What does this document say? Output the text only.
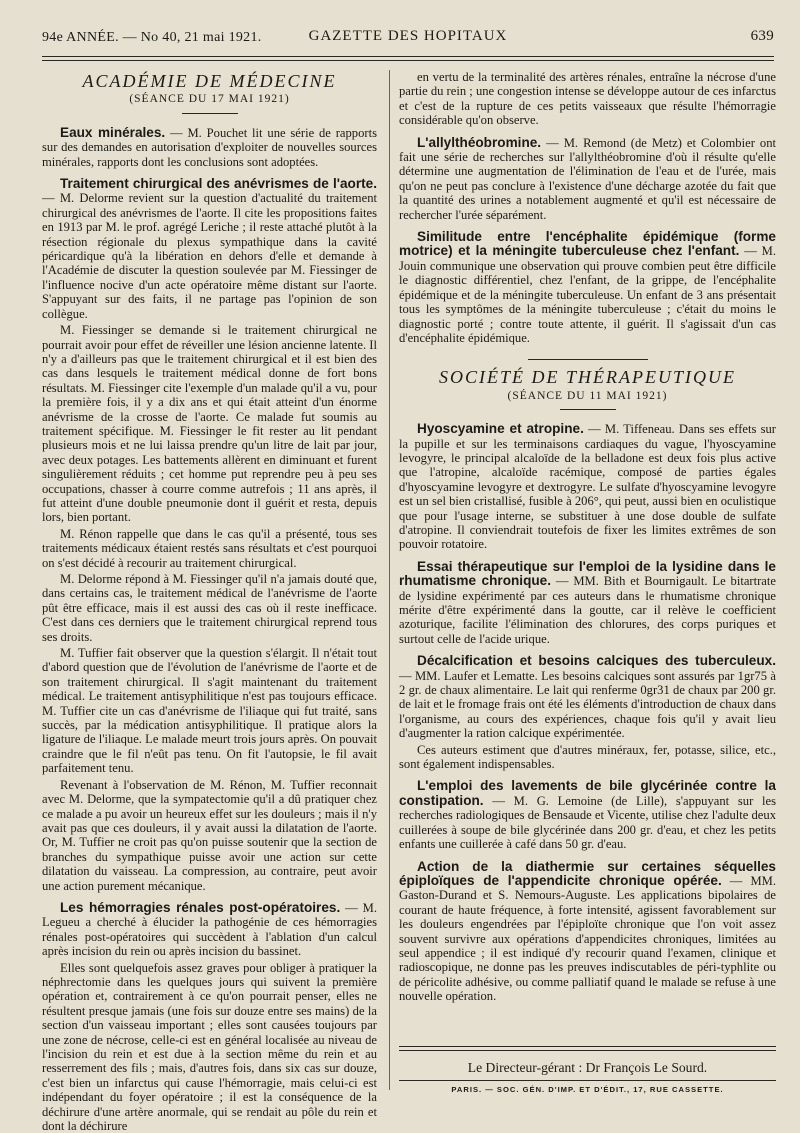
94e ANNÉE. — No 40, 21 mai 1921.	GAZETTE DES HOPITAUX	639
ACADÉMIE DE MÉDECINE
(SÉANCE DU 17 MAI 1921)

Eaux minérales. — M. Pouchet lit une série de rapports sur des demandes en autorisation d'exploiter de nouvelles sources minérales, rapports dont les conclusions sont adoptées.

Traitement chirurgical des anévrismes de l'aorte. — M. Delorme revient sur la question d'actualité du traitement chirurgical des anévrismes de l'aorte. Il cite les propositions faites en 1913 par M. le prof. agrégé Leriche ; il reste attaché plutôt à la résection régionale du plexus sympathique dans la cavité péricardique qu'à la libération en dehors d'elle et demande à l'Académie de discuter la question soulevée par M. Fiessinger de l'influence nocive d'un acte opératoire même distant sur l'aorte. S'appuyant sur des faits, il ne partage pas l'opinion de son collègue.

M. Fiessinger se demande si le traitement chirurgical ne pourrait avoir pour effet de réveiller une lésion ancienne latente. Il n'y a d'ailleurs pas que le traitement chirurgical et il est bien des cas dans lesquels le traitement médical donne de fort bons résultats. M. Fiessinger cite l'exemple d'un malade qu'il a vu, pour la première fois, il y a dix ans et qui était atteint d'un énorme anévrisme de la crosse de l'aorte. Ce malade fut soumis au traitement spécifique. M. Fiessinger le fit rester au lit pendant plusieurs mois et ne lui laissa prendre qu'un litre de lait par jour, avec deux potages. Les battements allèrent en diminuant et furent singulièrement réduits ; cet homme put reprendre peu à peu ses occupations, chasser à courre comme autrefois ; 11 ans après, il fut atteint d'une double pneumonie dont il guérit et resta, depuis lors, bien portant.

M. Rénon rappelle que dans le cas qu'il a présenté, tous ses traitements médicaux étaient restés sans résultats et c'est pourquoi on s'est décidé à recourir au traitement chirurgical.

M. Delorme répond à M. Fiessinger qu'il n'a jamais douté que, dans certains cas, le traitement médical de l'anévrisme de l'aorte pût être efficace, mais il est aussi des cas où il reste inefficace. C'est dans ces derniers que le traitement chirurgical reprend tous ses droits.

M. Tuffier fait observer que la question s'élargit. Il n'était tout d'abord question que de l'évolution de l'anévrisme de l'aorte et de son traitement chirurgical. Il s'agit maintenant du traitement médical. Le traitement antisyphilitique n'est pas toujours efficace. M. Tuffier cite un cas d'anévrisme de l'iliaque qui fut traité, sans succès, par la médication antisyphilitique. Il pratique alors la ligature de l'iliaque. Le malade meurt trois jours après. On pouvait craindre que le fil n'eût pas tenu. On fit l'autopsie, le fil avait parfaitement tenu.

Revenant à l'observation de M. Rénon, M. Tuffier reconnait avec M. Delorme, que la sympatectomie qu'il a dû pratiquer chez ce malade a pu avoir un heureux effet sur les douleurs ; mais il n'y avait pas que ces douleurs, il y avait aussi la dilatation de l'aorte. Or, M. Tuffier ne croit pas qu'on puisse soutenir que la section de branches du sympathique puisse avoir une action sur cette dilatation du vaisseau. La compression, au contraire, peut avoir une action purement mécanique.

Les hémorragies rénales post-opératoires. — M. Legueu a cherché à élucider la pathogénie de ces hémorragies rénales post-opératoires qui succèdent à l'ablation d'un calcul après incision du rein ou après incision du bassinet.

Elles sont quelquefois assez graves pour obliger à pratiquer la néphrectomie dans les quelques jours qui suivent la première opération et, contrairement à ce qu'on pourrait penser, elles ne résultent presque jamais (une fois sur douze entre ses mains) de la section d'un vaisseau important ; elles sont causées toujours par une zone de nécrose, celle-ci est en général localisée au niveau de l'incision du rein et est due à la section même du rein et au resserrement des fils ; mais, d'autres fois, dans six cas sur douze, c'est bien un infarctus qui cause l'hémorragie, mais celui-ci est indépendant du foyer opératoire ; il est la conséquence de la déchirure d'une artère anormale, qui se rendait au pôle du rein et dont la déchirure

en vertu de la terminalité des artères rénales, entraîne la nécrose d'une partie du rein ; une congestion intense se développe autour de ces infarctus et c'est de la rupture de ces petits vaisseaux que résulte l'hémorragie considérable qu'on observe.

L'allylthéobromine. — M. Remond (de Metz) et Colombier ont fait une série de recherches sur l'allylthéobromine d'où il résulte qu'elle détermine une augmentation de l'élimination de l'eau et de l'urée, mais qu'on ne peut pas conclure à l'existence d'une décharge azotée du fait que la quantité des urines a notablement augmenté et qu'il est nécessaire de rechercher l'urée séparément.

Similitude entre l'encéphalite épidémique (forme motrice) et la méningite tuberculeuse chez l'enfant. — M. Jouin communique une observation qui prouve combien peut être difficile le diagnostic différentiel, chez l'enfant, de la grippe, de l'encéphalite épidémique et de la méningite tuberculeuse. Un enfant de 3 ans présentait tous les symptômes de la méningite tuberculeuse ; c'était du moins le diagnostic porté ; contre toute attente, il guérit. Il s'agissait d'un cas d'encéphalite épidémique.

SOCIÉTÉ DE THÉRAPEUTIQUE
(SÉANCE DU 11 MAI 1921)

Hyoscyamine et atropine. — M. Tiffeneau. Dans ses effets sur la pupille et sur les terminaisons cardiaques du vague, l'hyoscyamine levogyre, le principal alcaloïde de la belladone est deux fois plus active que l'atropine, alcaloïde racémique, composé de parties égales d'hyoscyamine levogyre et dextrogyre. Le sulfate d'hyoscyamine levogyre est un sel bien cristallisé, fusible à 206°, qui peut, aussi bien en oculistique que pour l'usage interne, se substituer à une dose double de sulfate d'atropine. Il conviendrait toutefois de fixer les limites extrêmes de son pouvoir rotatoire.

Essai thérapeutique sur l'emploi de la lysidine dans le rhumatisme chronique. — MM. Bith et Bournigault. Le bitartrate de lysidine expérimenté par ces auteurs dans le rhumatisme chronique mérite d'être expérimenté dans la goutte, car il relève le coefficient azoturique, facilite l'élimination des chlorures, des corps puriques et surtout celle de l'acide urique.

Décalcification et besoins calciques des tuberculeux. — MM. Laufer et Lematte. Les besoins calciques sont assurés par 1gr75 à 2 gr. de chaux alimentaire. Le lait qui renferme 0gr31 de chaux par 200 gr. de lait et le fromage frais ont été les éléments d'introduction de chaux dans l'organisme, au cours des expériences, chaque fois qu'il y avait lieu d'augmenter la ration calcique expérimentée.

Ces auteurs estiment que d'autres minéraux, fer, potasse, silice, etc., sont également indispensables.

L'emploi des lavements de bile glycérinée contre la constipation. — M. G. Lemoine (de Lille), s'appuyant sur les recherches radiologiques de Bensaude et Vicente, utilise chez l'adulte deux cuillerées à soupe de bile glycérinée dans 200 gr. d'eau, et chez les petits enfants une cuillerée à café dans 50 gr. d'eau.

Action de la diathermie sur certaines séquelles épiploïques de l'appendicite chronique opérée. — MM. Gaston-Durand et S. Nemours-Auguste. Les applications bipolaires de courant de haute fréquence, à forte intensité, agissent favorablement sur les douleurs engendrées par l'épiploïte chronique que l'on voit assez souvent survivre aux opérations d'appendicites chroniques, limitées au seul appendice ; il est indiqué d'y recourir quand l'examen, clinique et radioscopique, ne donne pas les preuves indiscutables de péri-typhlite ou de péricolite adhésive, ou comme palliatif quand le malade se refuse à une nouvelle opération.

Le Directeur-gérant : Dr François Le Sourd.
PARIS. — SOC. GÉN. D'IMP. ET D'ÉDIT., 17, RUE CASSETTE.
